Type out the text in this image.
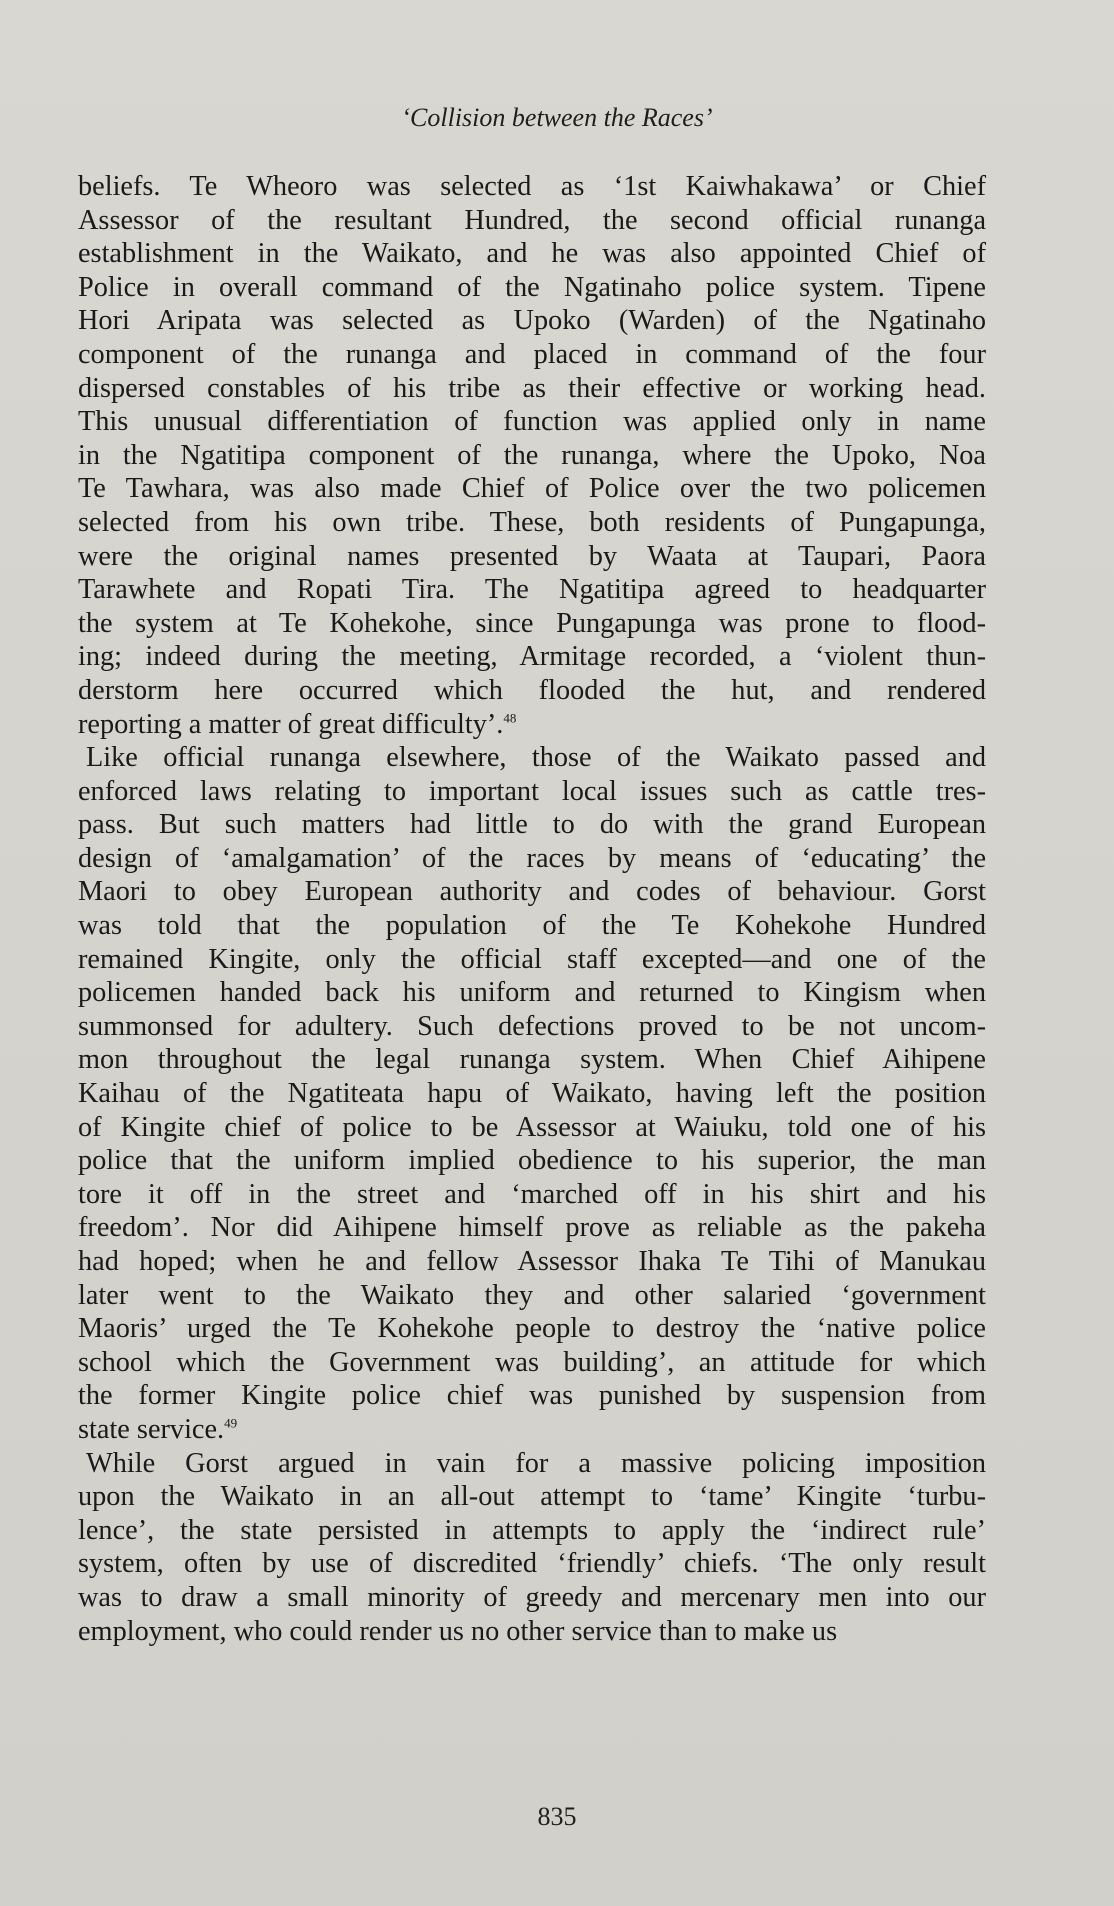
‘Collision between the Races’
beliefs. Te Wheoro was selected as ‘1st Kaiwhakawa’ or Chief
Assessor of the resultant Hundred, the second official runanga
establishment in the Waikato, and he was also appointed Chief of
Police in overall command of the Ngatinaho police system. Tipene
Hori Aripata was selected as Upoko (Warden) of the Ngatinaho
component of the runanga and placed in command of the four
dispersed constables of his tribe as their effective or working head.
This unusual differentiation of function was applied only in name
in the Ngatitipa component of the runanga, where the Upoko, Noa
Te Tawhara, was also made Chief of Police over the two policemen
selected from his own tribe. These, both residents of Pungapunga,
were the original names presented by Waata at Taupari, Paora
Tarawhete and Ropati Tira. The Ngatitipa agreed to headquarter
the system at Te Kohekohe, since Pungapunga was prone to flood-
ing; indeed during the meeting, Armitage recorded, a ‘violent thun-
derstorm here occurred which flooded the hut, and rendered
reporting a matter of great difficulty’.$^{48}$
Like official runanga elsewhere, those of the Waikato passed and
enforced laws relating to important local issues such as cattle tres-
pass. But such matters had little to do with the grand European
design of ‘amalgamation’ of the races by means of ‘educating’ the
Maori to obey European authority and codes of behaviour. Gorst
was told that the population of the Te Kohekohe Hundred
remained Kingite, only the official staff excepted—and one of the
policemen handed back his uniform and returned to Kingism when
summonsed for adultery. Such defections proved to be not uncom-
mon throughout the legal runanga system. When Chief Aihipene
Kaihau of the Ngatiteata hapu of Waikato, having left the position
of Kingite chief of police to be Assessor at Waiuku, told one of his
police that the uniform implied obedience to his superior, the man
tore it off in the street and ‘marched off in his shirt and his
freedom’. Nor did Aihipene himself prove as reliable as the pakeha
had hoped; when he and fellow Assessor Ihaka Te Tihi of Manukau
later went to the Waikato they and other salaried ‘government
Maoris’ urged the Te Kohekohe people to destroy the ‘native police
school which the Government was building’, an attitude for which
the former Kingite police chief was punished by suspension from
state service.$^{49}$
While Gorst argued in vain for a massive policing imposition
upon the Waikato in an all-out attempt to ‘tame’ Kingite ‘turbu-
lence’, the state persisted in attempts to apply the ‘indirect rule’
system, often by use of discredited ‘friendly’ chiefs. ‘The only result
was to draw a small minority of greedy and mercenary men into our
employment, who could render us no other service than to make us
835
